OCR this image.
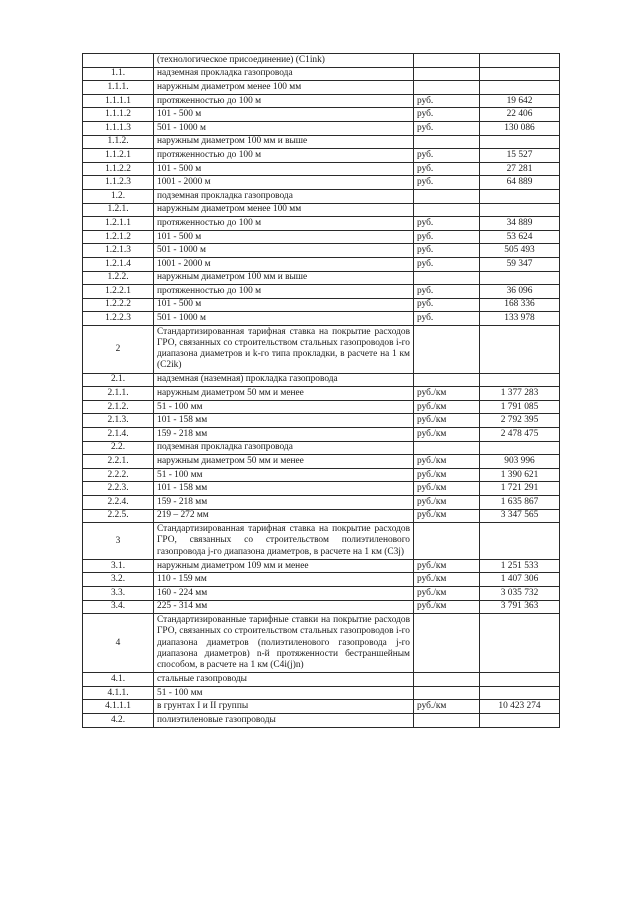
	(технологическое присоединение) (C1ink)		
1.1.	надземная прокладка газопровода		
1.1.1.	наружным диаметром менее 100 мм		
1.1.1.1	протяженностью до 100 м	руб.	19 642
1.1.1.2	101 - 500 м	руб.	22 406
1.1.1.3	501 - 1000 м	руб.	130 086
1.1.2.	наружным диаметром 100 мм и выше		
1.1.2.1	протяженностью до 100 м	руб.	15 527
1.1.2.2	101 - 500 м	руб.	27 281
1.1.2.3	1001 - 2000 м	руб.	64 889
1.2.	подземная прокладка газопровода		
1.2.1.	наружным диаметром менее 100 мм		
1.2.1.1	протяженностью до 100 м	руб.	34 889
1.2.1.2	101 - 500 м	руб.	53 624
1.2.1.3	501 - 1000 м	руб.	505 493
1.2.1.4	1001 - 2000 м	руб.	59 347
1.2.2.	наружным диаметром 100 мм и выше		
1.2.2.1	протяженностью до 100 м	руб.	36 096
1.2.2.2	101 - 500 м	руб.	168 336
1.2.2.3	501 - 1000 м	руб.	133 978
2	Стандартизированная тарифная ставка на покрытие расходов ГРО, связанных со строительством стальных газопроводов i-го диапазона диаметров и k-го типа прокладки, в расчете на 1 км (C2ik)		
2.1.	надземная (наземная) прокладка газопровода		
2.1.1.	наружным диаметром 50 мм и менее	руб./км	1 377 283
2.1.2.	51 - 100 мм	руб./км	1 791 085
2.1.3.	101 - 158 мм	руб./км	2 792 395
2.1.4.	159 - 218 мм	руб./км	2 478 475
2.2.	подземная прокладка газопровода		
2.2.1.	наружным диаметром 50 мм и менее	руб./км	903 996
2.2.2.	51 - 100 мм	руб./км	1 390 621
2.2.3.	101 - 158 мм	руб./км	1 721 291
2.2.4.	159 - 218 мм	руб./км	1 635 867
2.2.5.	219 – 272 мм	руб./км	3 347 565
3	Стандартизированная тарифная ставка на покрытие расходов ГРО, связанных со строительством полиэтиленового газопровода j-го диапазона диаметров, в расчете на 1 км (C3j)		
3.1.	наружным диаметром 109 мм и менее	руб./км	1 251 533
3.2.	110 - 159 мм	руб./км	1 407 306
3.3.	160 - 224 мм	руб./км	3 035 732
3.4.	225 - 314 мм	руб./км	3 791 363
4	Стандартизированные тарифные ставки на покрытие расходов ГРО, связанных со строительством стальных газопроводов i-го диапазона диаметров (полиэтиленового газопровода j-го диапазона диаметров) n-й протяженности бестраншейным способом, в расчете на 1 км (C4i(j)n)		
4.1.	стальные газопроводы		
4.1.1.	51 - 100 мм		
4.1.1.1	в грунтах I и II группы	руб./км	10 423 274
4.2.	полиэтиленовые газопроводы		
